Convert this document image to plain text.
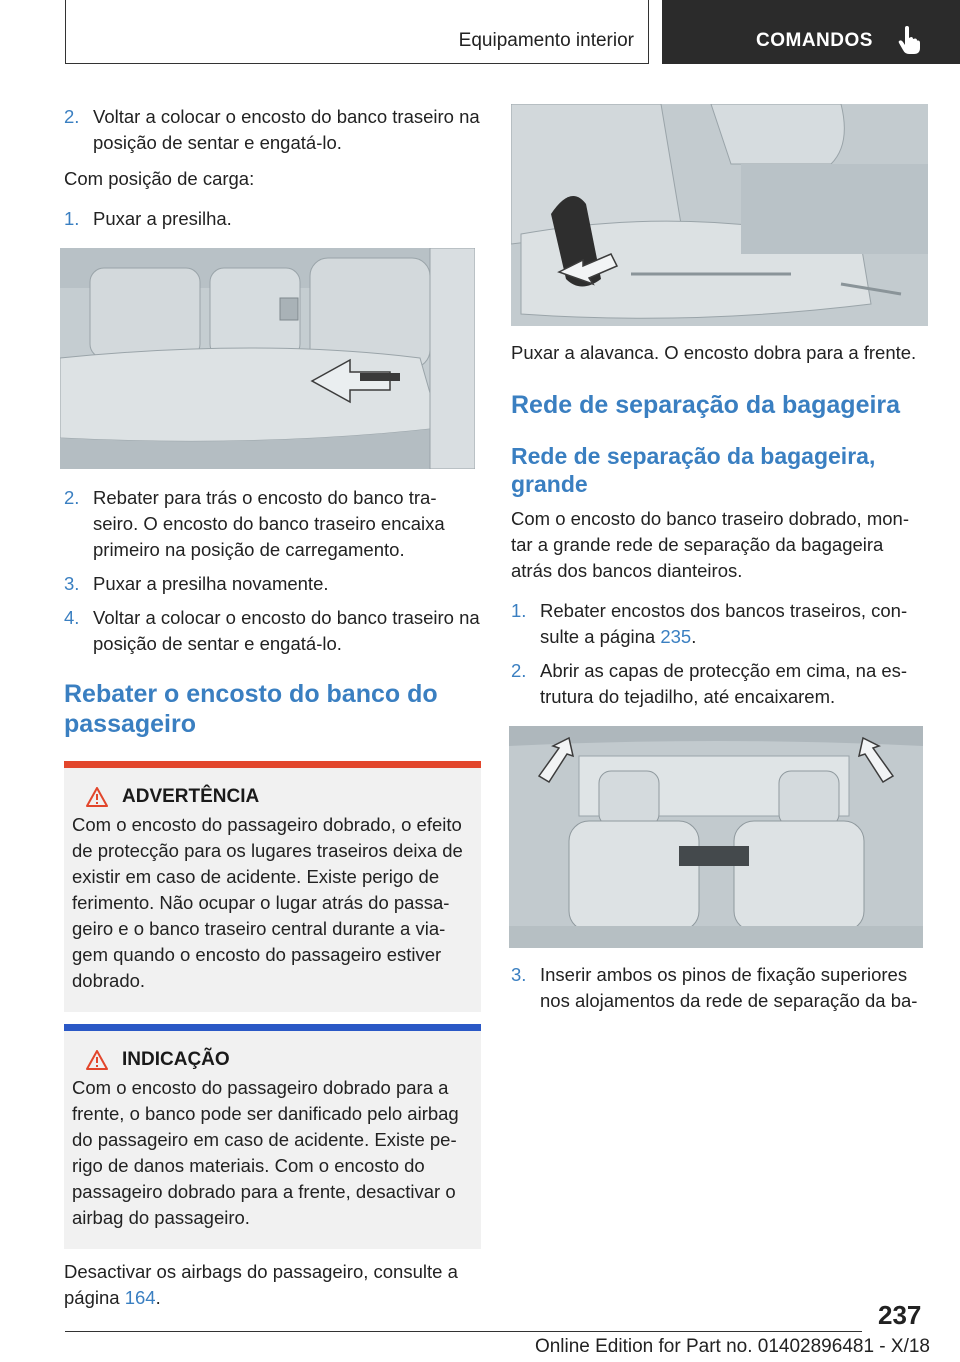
Equipamento interior	COMANDOS
2. Voltar a colocar o encosto do banco traseiro na posição de sentar e engatá-lo.

Com posição de carga:

1. Puxar a presilha.
2. Rebater para trás o encosto do banco tra-seiro. O encosto do banco traseiro encaixa primeiro na posição de carregamento.
3. Puxar a presilha novamente.
4. Voltar a colocar o encosto do banco traseiro na posição de sentar e engatá-lo.
Rebater o encosto do banco do passageiro
ADVERTÊNCIA
Com o encosto do passageiro dobrado, o efeito de protecção para os lugares traseiros deixa de existir em caso de acidente. Existe perigo de ferimento. Não ocupar o lugar atrás do passa-geiro e o banco traseiro central durante a via-gem quando o encosto do passageiro estiver dobrado.
INDICAÇÃO
Com o encosto do passageiro dobrado para a frente, o banco pode ser danificado pelo airbag do passageiro em caso de acidente. Existe pe-rigo de danos materiais. Com o encosto do passageiro dobrado para a frente, desactivar o airbag do passageiro.

Desactivar os airbags do passageiro, consulte a página 164.

Puxar a alavanca. O encosto dobra para a frente.

Rede de separação da bagageira
Rede de separação da bagageira, grande

Com o encosto do banco traseiro dobrado, mon-tar a grande rede de separação da bagageira atrás dos bancos dianteiros.

1. Rebater encostos dos bancos traseiros, con-sulte a página 235.
2. Abrir as capas de protecção em cima, na es-trutura do tejadilho, até encaixarem.
3. Inserir ambos os pinos de fixação superiores nos alojamentos da rede de separação da ba-
237
Online Edition for Part no. 01402896481 - X/18
